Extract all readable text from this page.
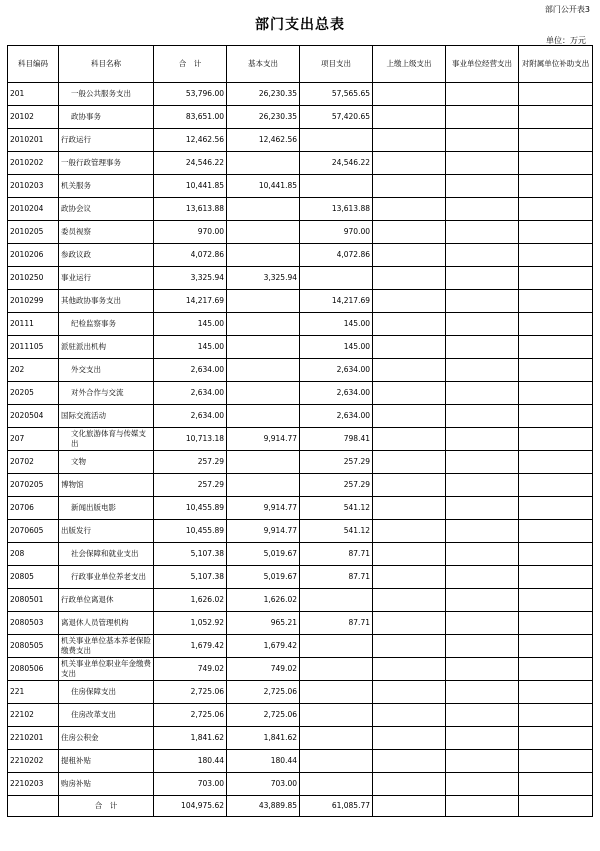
部门公开表3
部门支出总表
单位：万元
科目编码	科目名称	合　计	基本支出	项目支出	上缴上级支出	事业单位经营支出	对附属单位补助支出
201	一般公共服务支出	53,796.00	26,230.35	57,565.65			
20102	政协事务	83,651.00	26,230.35	57,420.65			
2010201	行政运行	12,462.56	12,462.56				
2010202	一般行政管理事务	24,546.22		24,546.22			
2010203	机关服务	10,441.85	10,441.85				
2010204	政协会议	13,613.88		13,613.88			
2010205	委员视察	970.00		970.00			
2010206	参政议政	4,072.86		4,072.86			
2010250	事业运行	3,325.94	3,325.94				
2010299	其他政协事务支出	14,217.69		14,217.69			
20111	纪检监察事务	145.00		145.00			
2011105	派驻派出机构	145.00		145.00			
202	外交支出	2,634.00		2,634.00			
20205	对外合作与交流	2,634.00		2,634.00			
2020504	国际交流活动	2,634.00		2,634.00			
207	文化旅游体育与传媒支出	10,713.18	9,914.77	798.41			
20702	文物	257.29		257.29			
2070205	博物馆	257.29		257.29			
20706	新闻出版电影	10,455.89	9,914.77	541.12			
2070605	出版发行	10,455.89	9,914.77	541.12			
208	社会保障和就业支出	5,107.38	5,019.67	87.71			
20805	行政事业单位养老支出	5,107.38	5,019.67	87.71			
2080501	行政单位离退休	1,626.02	1,626.02				
2080503	离退休人员管理机构	1,052.92	965.21	87.71			
2080505	机关事业单位基本养老保险缴费支出	1,679.42	1,679.42				
2080506	机关事业单位职业年金缴费支出	749.02	749.02				
221	住房保障支出	2,725.06	2,725.06				
22102	住房改革支出	2,725.06	2,725.06				
2210201	住房公积金	1,841.62	1,841.62				
2210202	提租补贴	180.44	180.44				
2210203	购房补贴	703.00	703.00				
	合　计	104,975.62	43,889.85	61,085.77			
